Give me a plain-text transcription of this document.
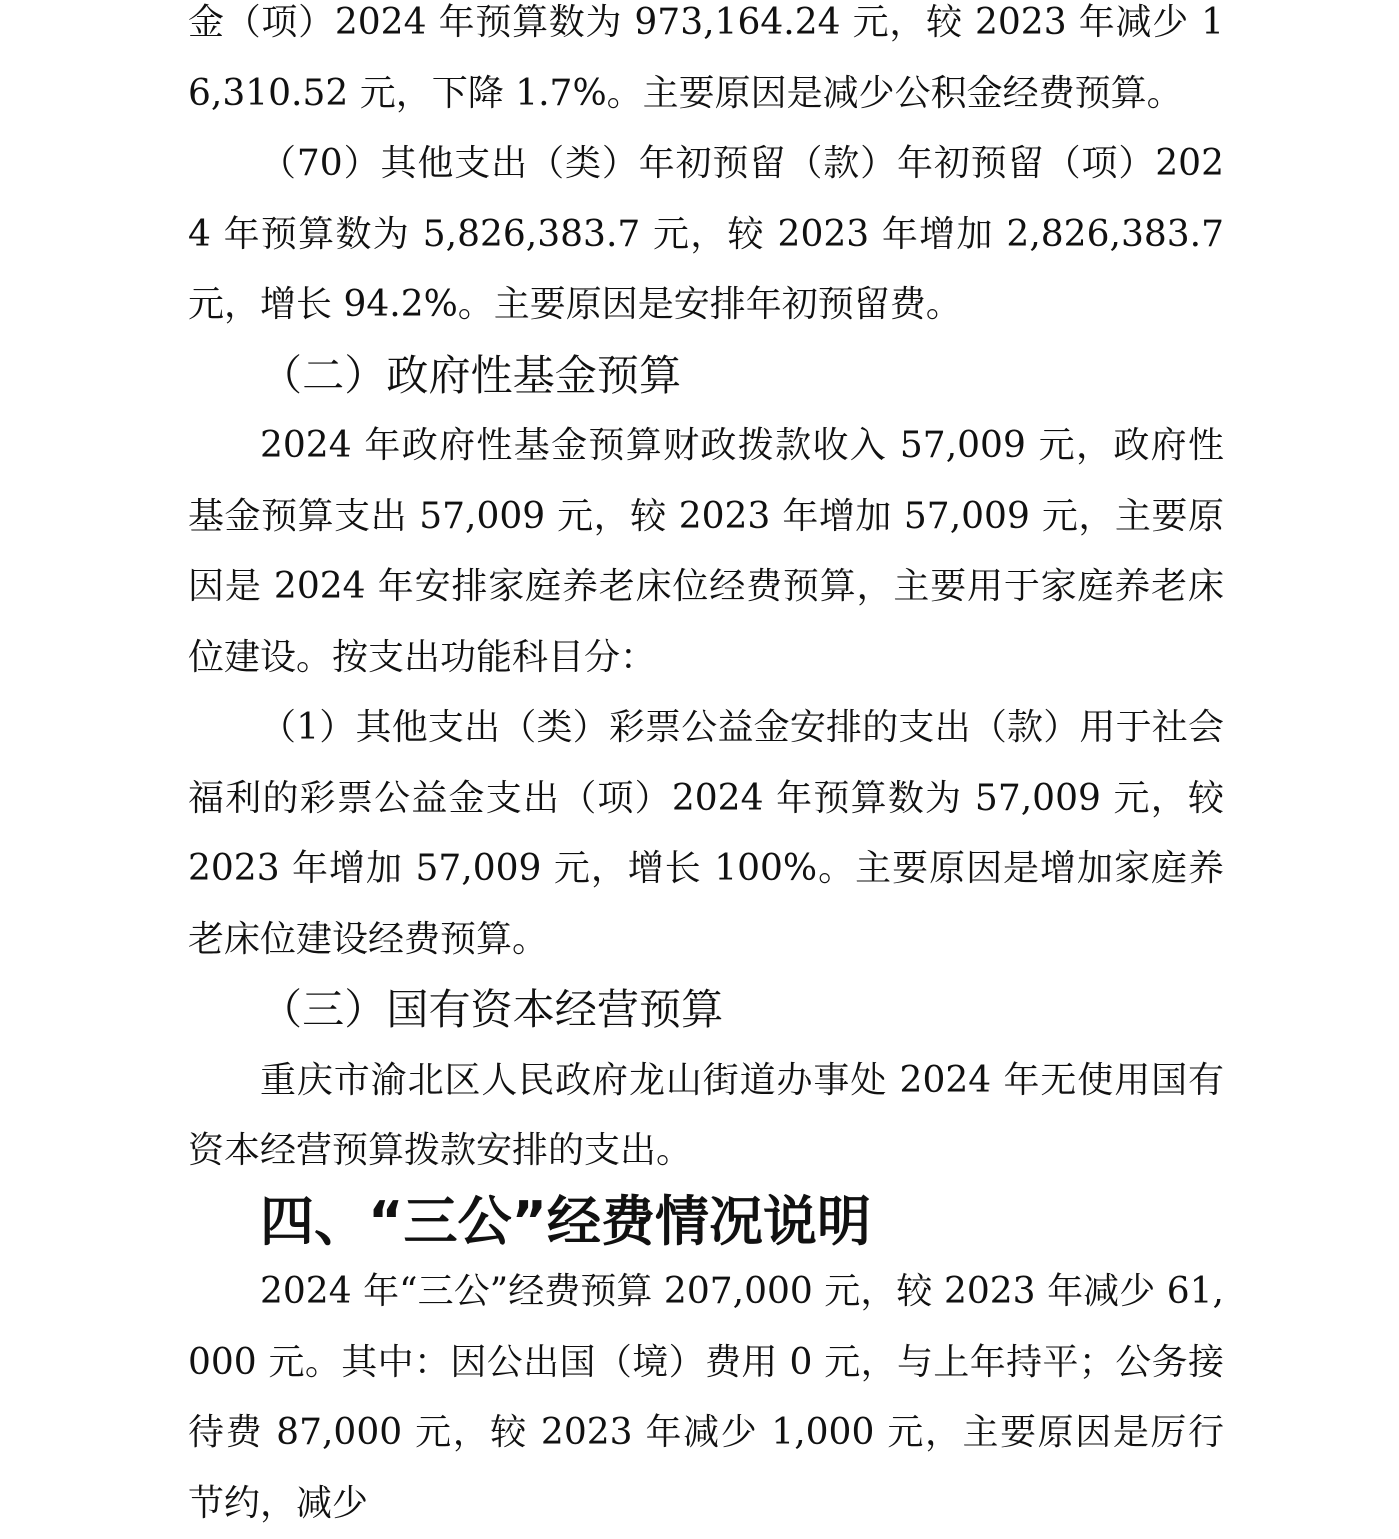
金（项）2024 年预算数为 973,164.24 元，较 2023 年减少 16,310.52 元，下降 1.7%。主要原因是减少公积金经费预算。

（70）其他支出（类）年初预留（款）年初预留（项）2024 年预算数为 5,826,383.7 元，较 2023 年增加 2,826,383.7 元，增长 94.2%。主要原因是安排年初预留费。

（二）政府性基金预算

2024 年政府性基金预算财政拨款收入 57,009 元，政府性基金预算支出 57,009 元，较 2023 年增加 57,009 元，主要原因是 2024 年安排家庭养老床位经费预算，主要用于家庭养老床位建设。按支出功能科目分：

（1）其他支出（类）彩票公益金安排的支出（款）用于社会福利的彩票公益金支出（项）2024 年预算数为 57,009 元，较 2023 年增加 57,009 元，增长 100%。主要原因是增加家庭养老床位建设经费预算。

（三）国有资本经营预算

重庆市渝北区人民政府龙山街道办事处 2024 年无使用国有资本经营预算拨款安排的支出。

四、“三公”经费情况说明

2024 年“三公”经费预算 207,000 元，较 2023 年减少 61,000 元。其中：因公出国（境）费用 0 元，与上年持平；公务接待费 87,000 元，较 2023 年减少 1,000 元，主要原因是厉行节约，减少
